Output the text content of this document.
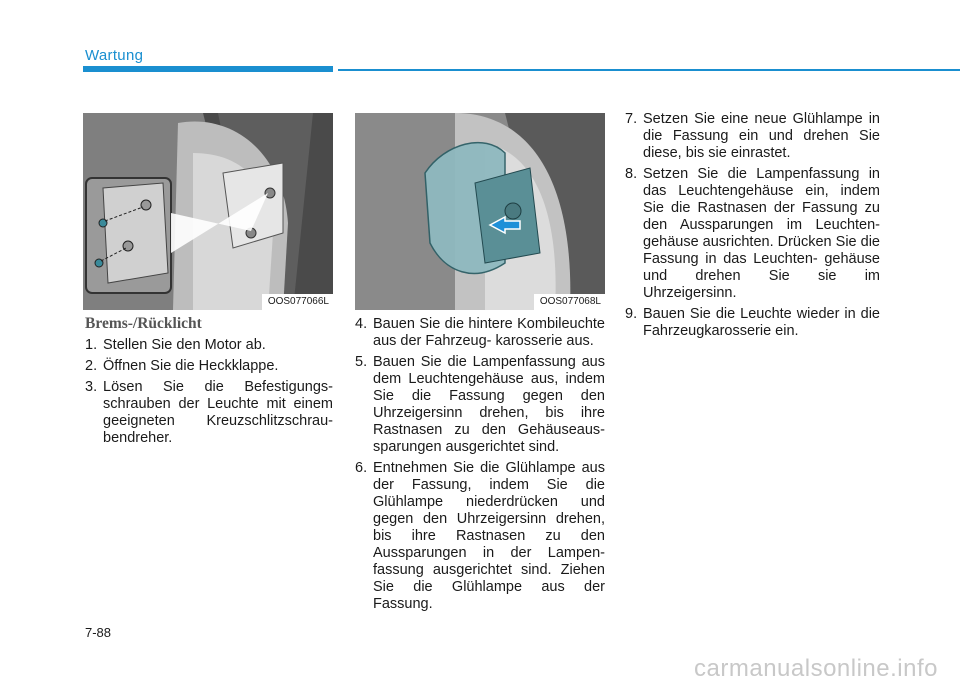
Wartung
OOS077066L	OOS077068L
Brems-/Rücklicht
1. Stellen Sie den Motor ab.
2. Öffnen Sie die Heckklappe.
3. Lösen Sie die Befestigungs- schrauben der Leuchte mit einem geeigneten Kreuzschlitzschrau- bendreher.
4. Bauen Sie die hintere Kombileuchte aus der Fahrzeug- karosserie aus.
5. Bauen Sie die Lampenfassung aus dem Leuchtengehäuse aus, indem Sie die Fassung gegen den Uhrzeigersinn drehen, bis ihre Rastnasen zu den Gehäuseaus- sparungen ausgerichtet sind.
6. Entnehmen Sie die Glühlampe aus der Fassung, indem Sie die Glühlampe niederdrücken und gegen den Uhrzeigersinn drehen, bis ihre Rastnasen zu den Aussparungen in der Lampen- fassung ausgerichtet sind. Ziehen Sie die Glühlampe aus der Fassung.
7. Setzen Sie eine neue Glühlampe in die Fassung ein und drehen Sie diese, bis sie einrastet.
8. Setzen Sie die Lampenfassung in das Leuchtengehäuse ein, indem Sie die Rastnasen der Fassung zu den Aussparungen im Leuchten- gehäuse ausrichten. Drücken Sie die Fassung in das Leuchten- gehäuse und drehen Sie sie im Uhrzeigersinn.
9. Bauen Sie die Leuchte wieder in die Fahrzeugkarosserie ein.
7-88
carmanualsonline.info
